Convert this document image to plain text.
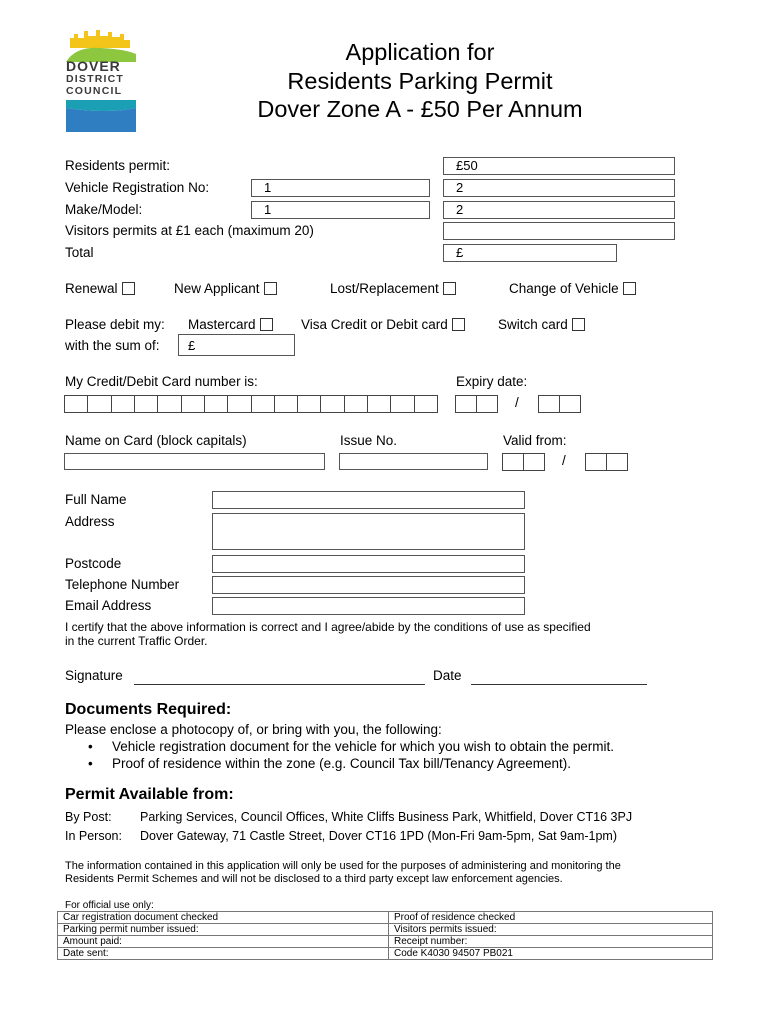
DOVER
DISTRICT
COUNCIL
Application for
Residents Parking Permit
Dover Zone A - £50 Per Annum
Residents permit:	£50
Vehicle Registration No:	1	2
Make/Model:	1	2
Visitors permits at £1 each (maximum 20)
Total	£
Renewal	New Applicant	Lost/Replacement	Change of Vehicle
Please debit my: Mastercard	Visa Credit or Debit card	Switch card
with the sum of:	£
My Credit/Debit Card number is:	Expiry date:
/
Name on Card (block capitals)	Issue No.	Valid from:
/
Full Name
Address
Postcode
Telephone Number
Email Address
I certify that the above information is correct and I agree/abide by the conditions of use as specified
in the current Traffic Order.
Signature	Date
Documents Required:
Please enclose a photocopy of, or bring with you, the following:
• Vehicle registration document for the vehicle for which you wish to obtain the permit.
• Proof of residence within the zone (e.g. Council Tax bill/Tenancy Agreement).
Permit Available from:
By Post: Parking Services, Council Offices, White Cliffs Business Park, Whitfield, Dover CT16 3PJ
In Person: Dover Gateway, 71 Castle Street, Dover CT16 1PD (Mon-Fri 9am-5pm, Sat 9am-1pm)
The information contained in this application will only be used for the purposes of administering and monitoring the
Residents Permit Schemes and will not be disclosed to a third party except law enforcement agencies.
For official use only:
Car registration document checked	Proof of residence checked
Parking permit number issued:	Visitors permits issued:
Amount paid:	Receipt number:
Date sent:	Code K4030 94507 PB021
